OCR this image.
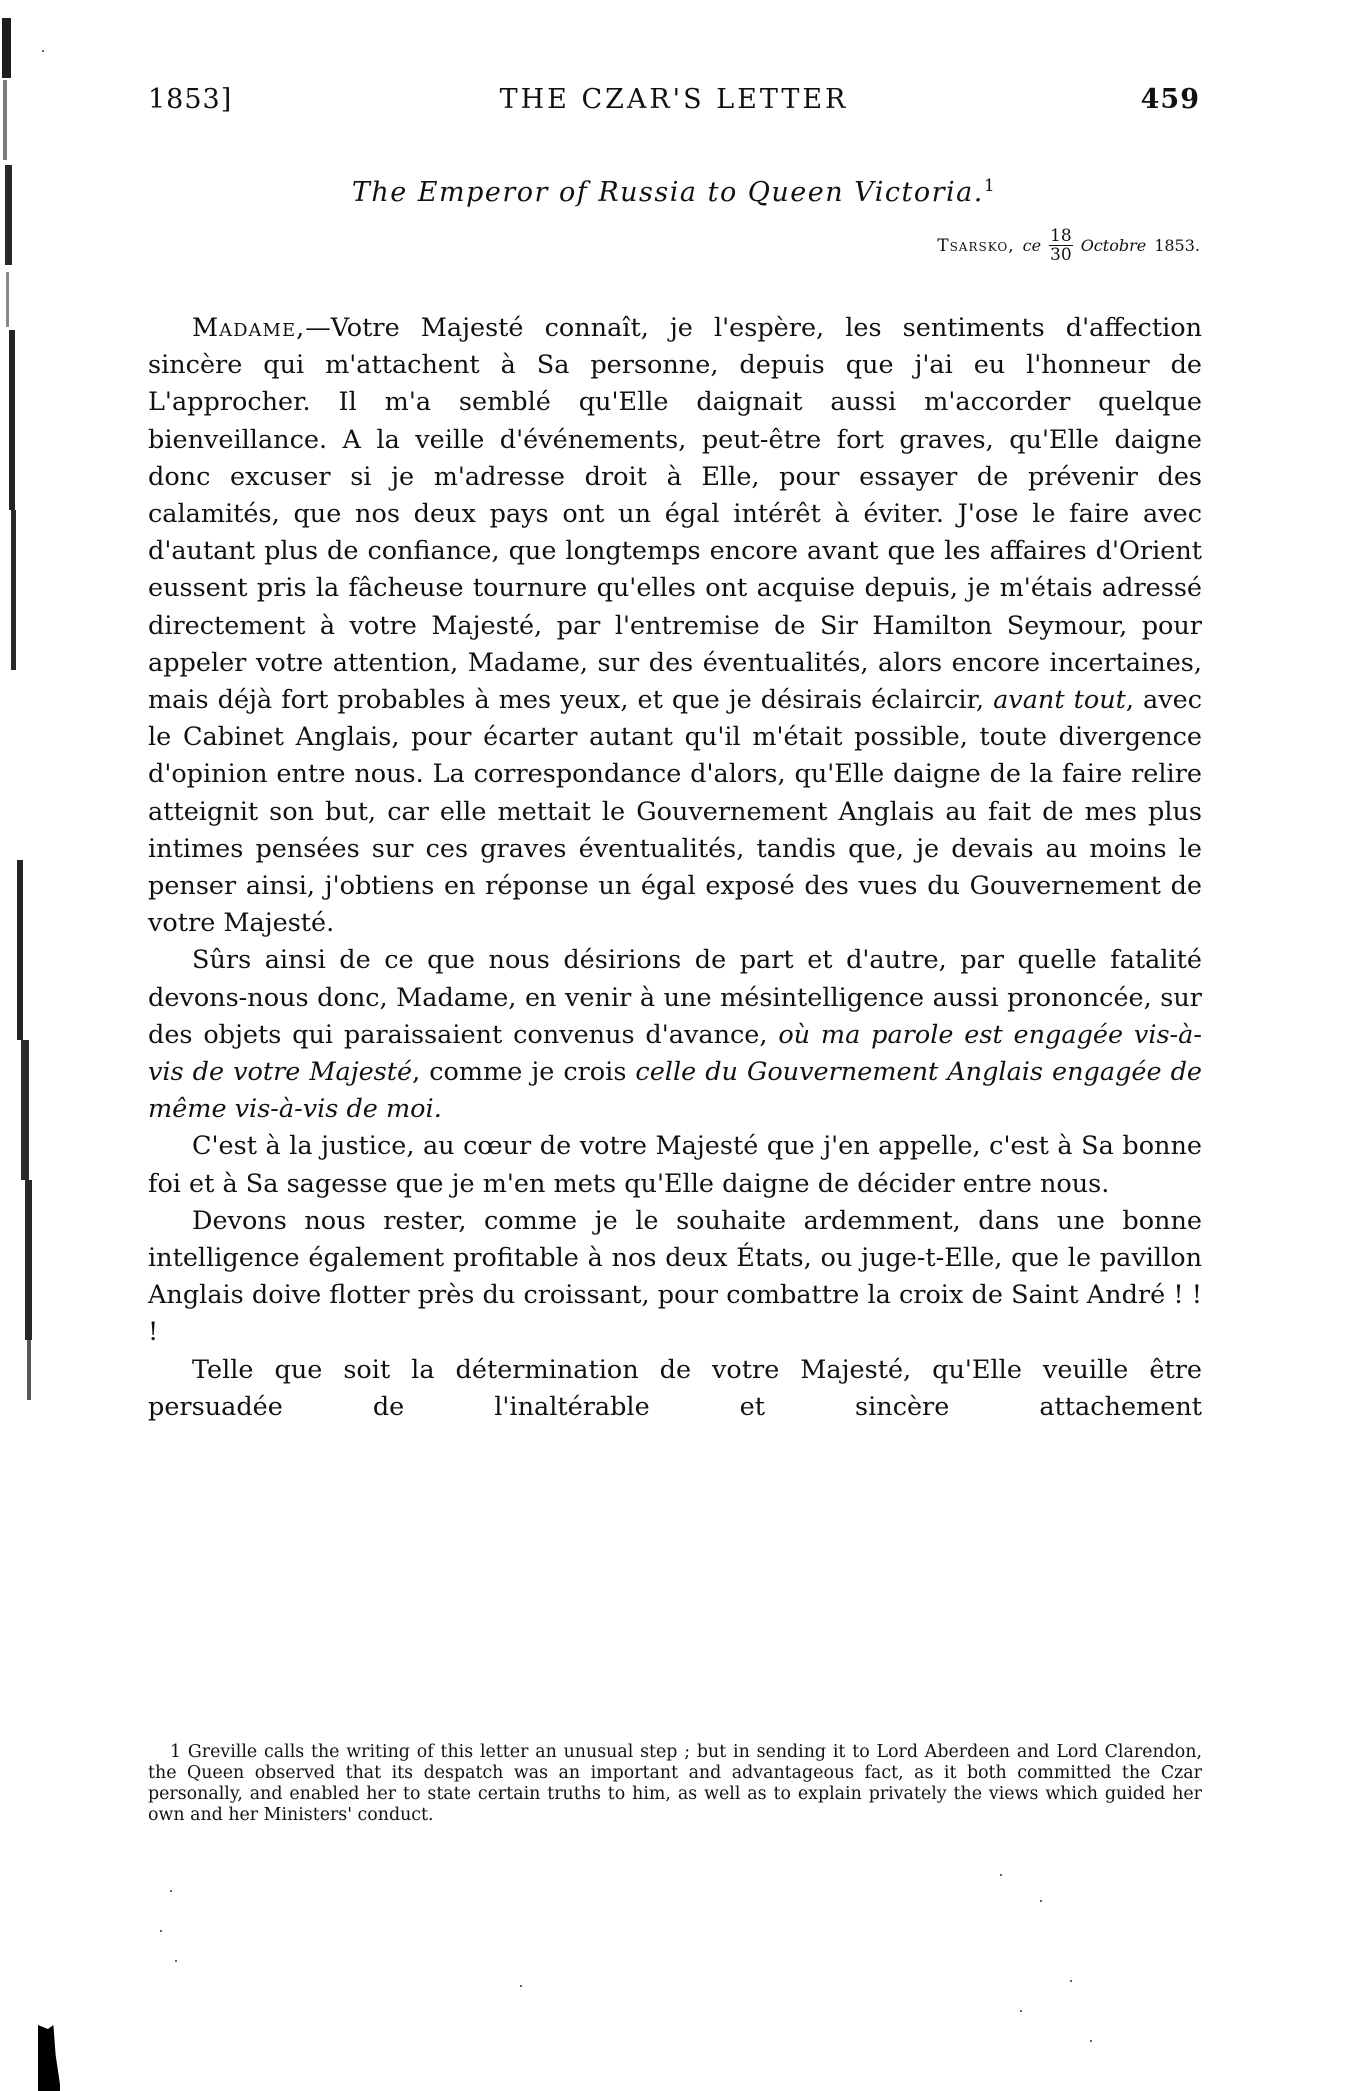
1853]	THE CZAR'S LETTER	459
The Emperor of Russia to Queen Victoria.$^1$
Tsarsko, ce $\frac{18}{30}$ Octobre 1853.

Madame,—Votre Majesté connaît, je l'espère, les sentiments d'affection sincère qui m'attachent à Sa personne, depuis que j'ai eu l'honneur de L'approcher. Il m'a semblé qu'Elle daignait aussi m'accorder quelque bienveillance. A la veille d'événements, peut-être fort graves, qu'Elle daigne donc excuser si je m'adresse droit à Elle, pour essayer de prévenir des calamités, que nos deux pays ont un égal intérêt à éviter. J'ose le faire avec d'autant plus de confiance, que longtemps encore avant que les affaires d'Orient eussent pris la fâcheuse tournure qu'elles ont acquise depuis, je m'étais adressé directement à votre Majesté, par l'entremise de Sir Hamilton Seymour, pour appeler votre attention, Madame, sur des éventualités, alors encore incertaines, mais déjà fort probables à mes yeux, et que je désirais éclaircir, avant tout, avec le Cabinet Anglais, pour écarter autant qu'il m'était possible, toute divergence d'opinion entre nous. La correspondance d'alors, qu'Elle daigne de la faire relire atteignit son but, car elle mettait le Gouvernement Anglais au fait de mes plus intimes pensées sur ces graves éventualités, tandis que, je devais au moins le penser ainsi, j'obtiens en réponse un égal exposé des vues du Gouvernement de votre Majesté.

Sûrs ainsi de ce que nous désirions de part et d'autre, par quelle fatalité devons-nous donc, Madame, en venir à une mésintelligence aussi prononcée, sur des objets qui paraissaient convenus d'avance, où ma parole est engagée vis-à-vis de votre Majesté, comme je crois celle du Gouvernement Anglais engagée de même vis-à-vis de moi.

C'est à la justice, au cœur de votre Majesté que j'en appelle, c'est à Sa bonne foi et à Sa sagesse que je m'en mets qu'Elle daigne de décider entre nous.

Devons nous rester, comme je le souhaite ardemment, dans une bonne intelligence également profitable à nos deux États, ou juge-t-Elle, que le pavillon Anglais doive flotter près du croissant, pour combattre la croix de Saint André ! ! !

Telle que soit la détermination de votre Majesté, qu'Elle veuille être persuadée de l'inaltérable et sincère attachement

1 Greville calls the writing of this letter an unusual step ; but in sending it to Lord Aberdeen and Lord Clarendon, the Queen observed that its despatch was an important and advantageous fact, as it both committed the Czar personally, and enabled her to state certain truths to him, as well as to explain privately the views which guided her own and her Ministers' conduct.
